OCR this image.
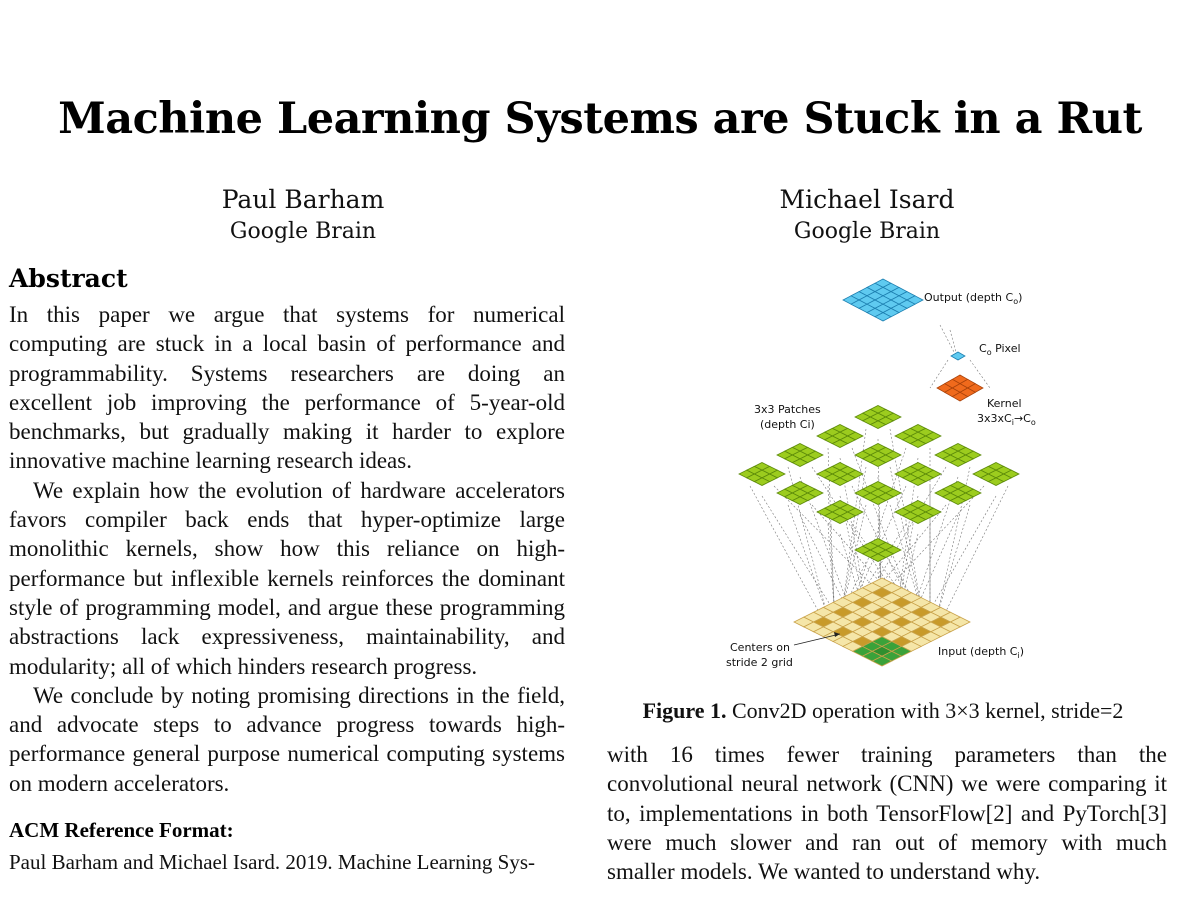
Machine Learning Systems are Stuck in a Rut
Paul Barham
Google Brain
Michael Isard
Google Brain
Abstract

In this paper we argue that systems for numerical computing are stuck in a local basin of performance and programmability. Systems researchers are doing an excellent job improving the performance of 5-year-old benchmarks, but gradually making it harder to explore innovative machine learning research ideas.

We explain how the evolution of hardware accelerators favors compiler back ends that hyper-optimize large monolithic kernels, show how this reliance on high-performance but inflexible kernels reinforces the dominant style of programming model, and argue these programming abstractions lack expressiveness, maintainability, and modularity; all of which hinders research progress.

We conclude by noting promising directions in the field, and advocate steps to advance progress towards high-performance general purpose numerical computing systems on modern accelerators.

ACM Reference Format:
Paul Barham and Michael Isard. 2019. Machine Learning Sys-
Output (depth $C_o$)
$C_o$ Pixel
Kernel
$3x3xC_i\to C_o$
3x3 Patches
(depth Ci)
Centers on
stride 2 grid
Input (depth $C_i$)
Figure 1. Conv2D operation with 3×3 kernel, stride=2

with 16 times fewer training parameters than the convolutional neural network (CNN) we were comparing it to, implementations in both TensorFlow[2] and PyTorch[3] were much slower and ran out of memory with much smaller models. We wanted to understand why.
